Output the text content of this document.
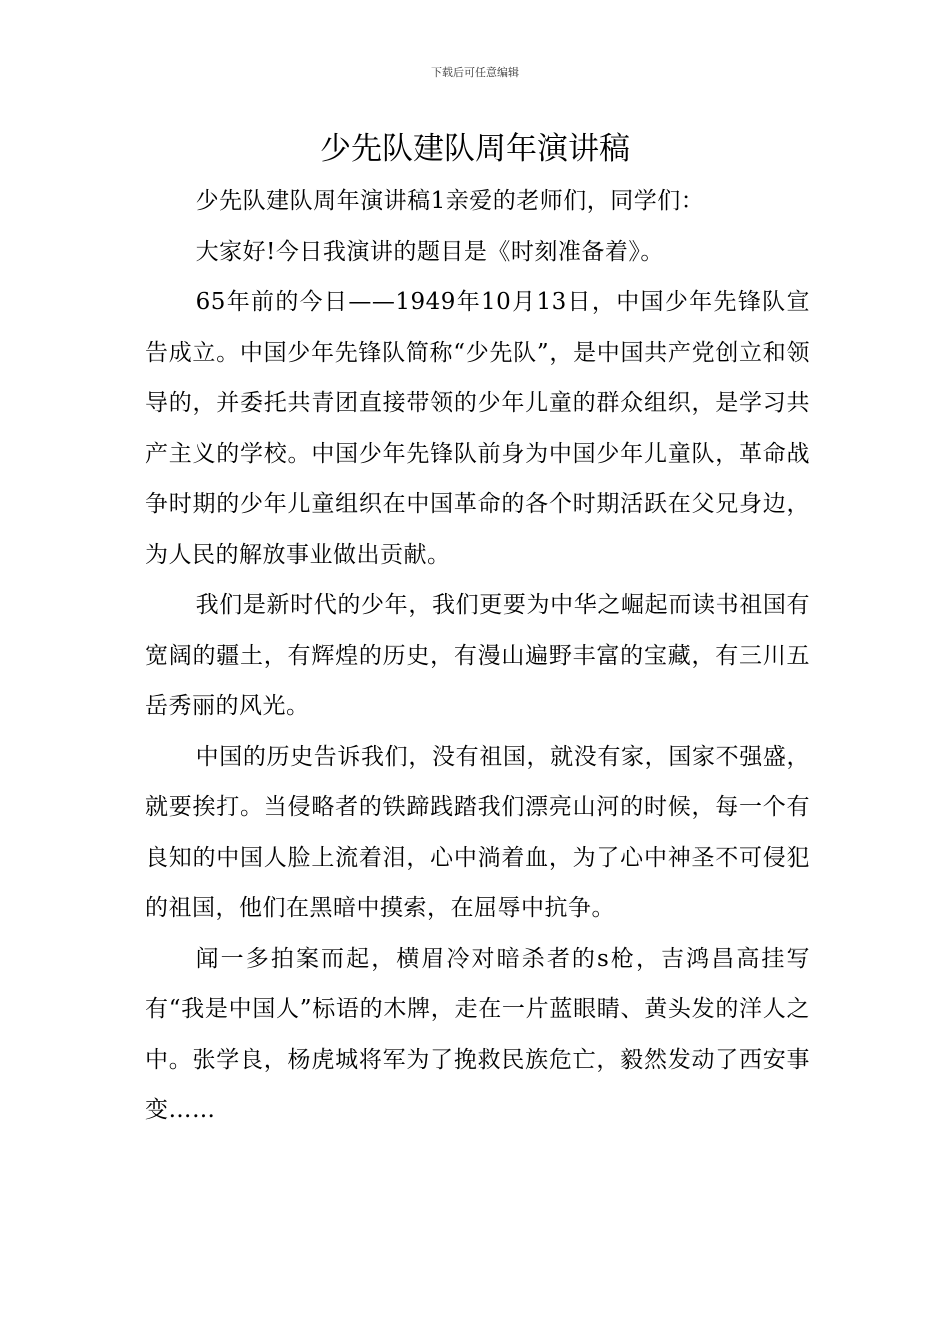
下载后可任意编辑
少先队建队周年演讲稿

少先队建队周年演讲稿1亲爱的老师们，同学们：

大家好!今日我演讲的题目是《时刻准备着》。

65年前的今日——1949年10月13日，中国少年先锋队宣告成立。中国少年先锋队简称“少先队”，是中国共产党创立和领导的，并委托共青团直接带领的少年儿童的群众组织，是学习共产主义的学校。中国少年先锋队前身为中国少年儿童队，革命战争时期的少年儿童组织在中国革命的各个时期活跃在父兄身边，为人民的解放事业做出贡献。

我们是新时代的少年，我们更要为中华之崛起而读书祖国有宽阔的疆土，有辉煌的历史，有漫山遍野丰富的宝藏，有三川五岳秀丽的风光。

中国的历史告诉我们，没有祖国，就没有家，国家不强盛，就要挨打。当侵略者的铁蹄践踏我们漂亮山河的时候，每一个有良知的中国人脸上流着泪，心中淌着血，为了心中神圣不可侵犯的祖国，他们在黑暗中摸索，在屈辱中抗争。

闻一多拍案而起，横眉冷对暗杀者的s枪，吉鸿昌高挂写有“我是中国人”标语的木牌，走在一片蓝眼睛、黄头发的洋人之中。张学良，杨虎城将军为了挽救民族危亡，毅然发动了西安事变……
